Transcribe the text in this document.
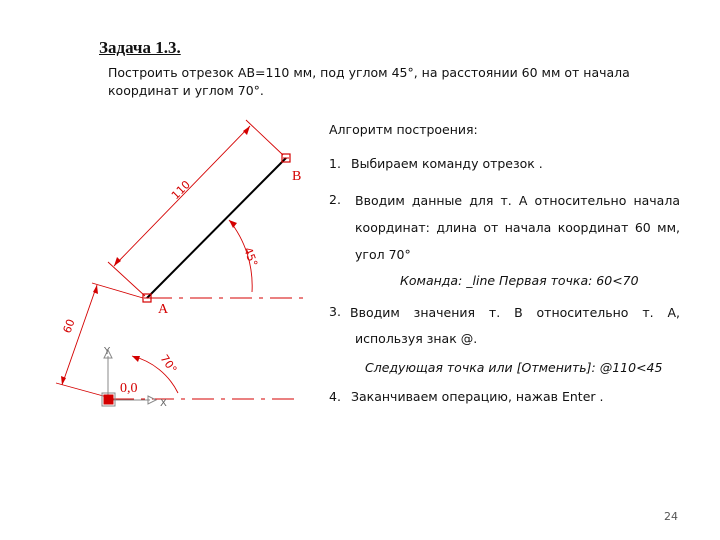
Задача 1.3.
Построить отрезок AB=110 мм, под углом 45°, на расстоянии 60 мм от начала
координат и углом 70°.
A
B
110
45°
60
70°
Y
X
0,0
Алгоритм построения:
1. Выбираем команду отрезок .
2.	Вводим данные для т. А относительно начала
координат: длина от начала координат 60 мм,
угол 70°
Команда: _line Первая точка: 60<70
3. Вводим значения т. В относительно т. А,
используя знак @.
Следующая точка или [Отменить]: @110<45
4. Заканчиваем операцию, нажав Enter .
24
